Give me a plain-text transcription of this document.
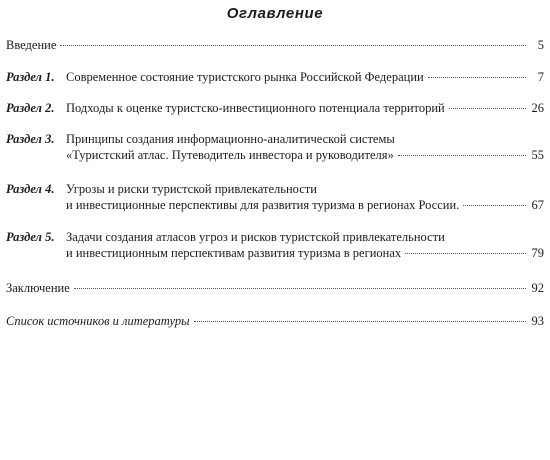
Оглавление
Введение	5
Раздел 1. Современное состояние туристского рынка Российской Федерации	7
Раздел 2. Подходы к оценке туристско-инвестиционного потенциала территорий	26
Раздел 3. Принципы создания информационно-аналитической системы
«Туристский атлас. Путеводитель инвестора и руководителя»	55
Раздел 4. Угрозы и риски туристской привлекательности
и инвестиционные перспективы для развития туризма в регионах России.	67
Раздел 5. Задачи создания атласов угроз и рисков туристской привлекательности
и инвестиционным перспективам развития туризма в регионах	79
Заключение	92
Список источников и литературы	93
